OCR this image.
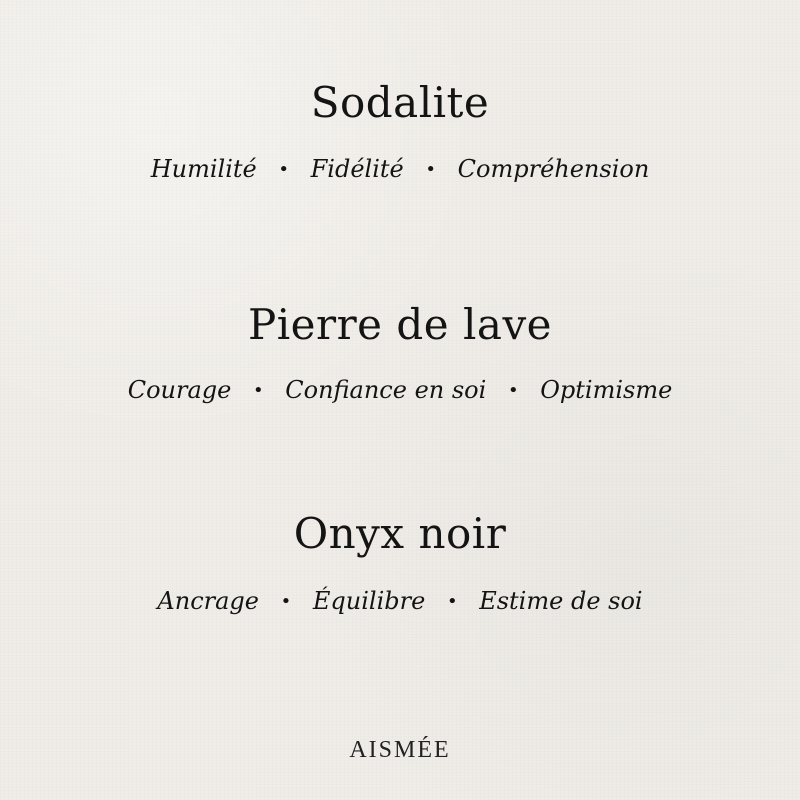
Sodalite

Humilité • Fidélité • Compréhension

Pierre de lave

Courage • Confiance en soi • Optimisme

Onyx noir

Ancrage • Équilibre • Estime de soi

AISMÉE
